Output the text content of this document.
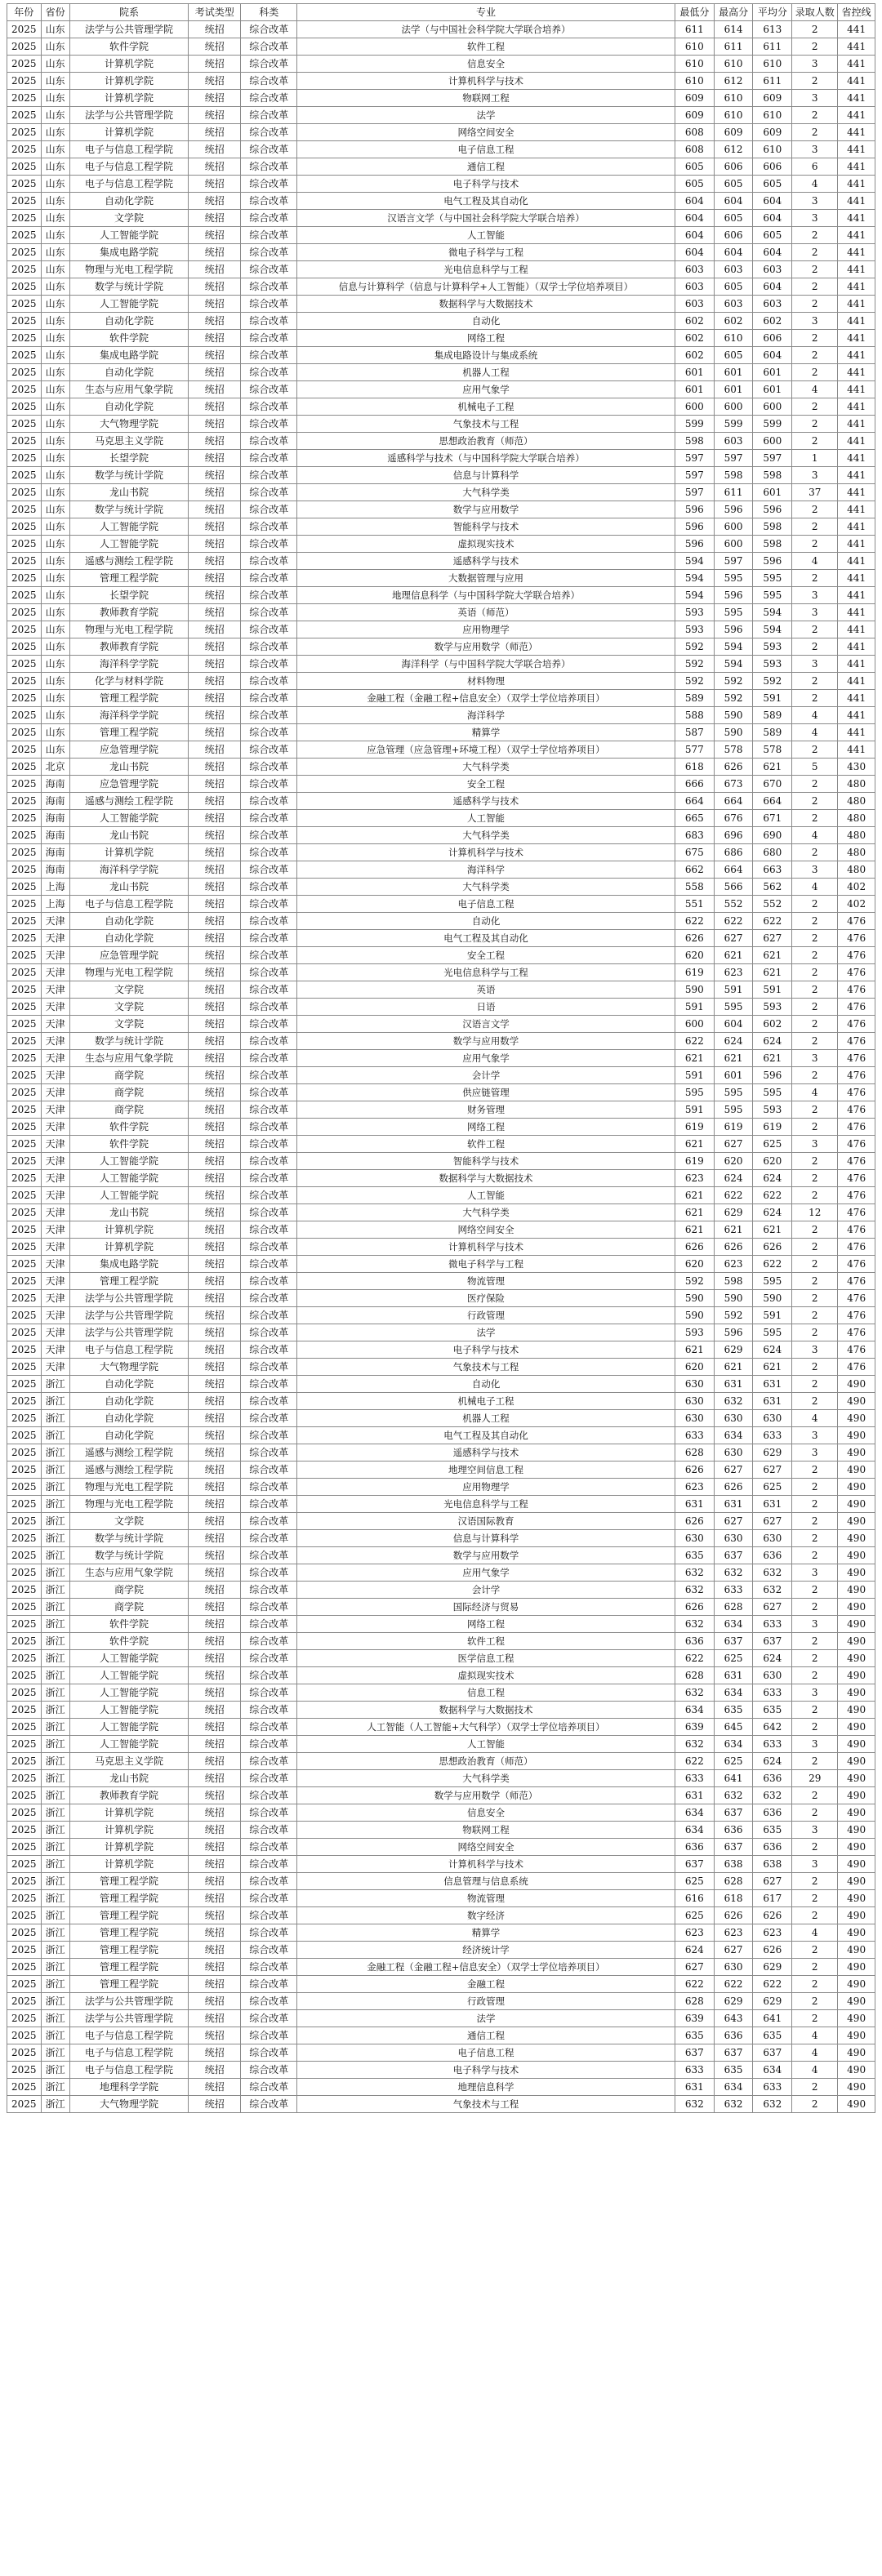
年份	省份	院系	考试类型	科类	专业	最低分	最高分	平均分	录取人数	省控线
2025	山东	法学与公共管理学院	统招	综合改革	法学（与中国社会科学院大学联合培养）	611	614	613	2	441
2025	山东	软件学院	统招	综合改革	软件工程	610	611	611	2	441
2025	山东	计算机学院	统招	综合改革	信息安全	610	610	610	3	441
2025	山东	计算机学院	统招	综合改革	计算机科学与技术	610	612	611	2	441
2025	山东	计算机学院	统招	综合改革	物联网工程	609	610	609	3	441
2025	山东	法学与公共管理学院	统招	综合改革	法学	609	610	610	2	441
2025	山东	计算机学院	统招	综合改革	网络空间安全	608	609	609	2	441
2025	山东	电子与信息工程学院	统招	综合改革	电子信息工程	608	612	610	3	441
2025	山东	电子与信息工程学院	统招	综合改革	通信工程	605	606	606	6	441
2025	山东	电子与信息工程学院	统招	综合改革	电子科学与技术	605	605	605	4	441
2025	山东	自动化学院	统招	综合改革	电气工程及其自动化	604	604	604	3	441
2025	山东	文学院	统招	综合改革	汉语言文学（与中国社会科学院大学联合培养）	604	605	604	3	441
2025	山东	人工智能学院	统招	综合改革	人工智能	604	606	605	2	441
2025	山东	集成电路学院	统招	综合改革	微电子科学与工程	604	604	604	2	441
2025	山东	物理与光电工程学院	统招	综合改革	光电信息科学与工程	603	603	603	2	441
2025	山东	数学与统计学院	统招	综合改革	信息与计算科学（信息与计算科学+人工智能）（双学士学位培养项目）	603	605	604	2	441
2025	山东	人工智能学院	统招	综合改革	数据科学与大数据技术	603	603	603	2	441
2025	山东	自动化学院	统招	综合改革	自动化	602	602	602	3	441
2025	山东	软件学院	统招	综合改革	网络工程	602	610	606	2	441
2025	山东	集成电路学院	统招	综合改革	集成电路设计与集成系统	602	605	604	2	441
2025	山东	自动化学院	统招	综合改革	机器人工程	601	601	601	2	441
2025	山东	生态与应用气象学院	统招	综合改革	应用气象学	601	601	601	4	441
2025	山东	自动化学院	统招	综合改革	机械电子工程	600	600	600	2	441
2025	山东	大气物理学院	统招	综合改革	气象技术与工程	599	599	599	2	441
2025	山东	马克思主义学院	统招	综合改革	思想政治教育（师范）	598	603	600	2	441
2025	山东	长望学院	统招	综合改革	遥感科学与技术（与中国科学院大学联合培养）	597	597	597	1	441
2025	山东	数学与统计学院	统招	综合改革	信息与计算科学	597	598	598	3	441
2025	山东	龙山书院	统招	综合改革	大气科学类	597	611	601	37	441
2025	山东	数学与统计学院	统招	综合改革	数学与应用数学	596	596	596	2	441
2025	山东	人工智能学院	统招	综合改革	智能科学与技术	596	600	598	2	441
2025	山东	人工智能学院	统招	综合改革	虚拟现实技术	596	600	598	2	441
2025	山东	遥感与测绘工程学院	统招	综合改革	遥感科学与技术	594	597	596	4	441
2025	山东	管理工程学院	统招	综合改革	大数据管理与应用	594	595	595	2	441
2025	山东	长望学院	统招	综合改革	地理信息科学（与中国科学院大学联合培养）	594	596	595	3	441
2025	山东	教师教育学院	统招	综合改革	英语（师范）	593	595	594	3	441
2025	山东	物理与光电工程学院	统招	综合改革	应用物理学	593	596	594	2	441
2025	山东	教师教育学院	统招	综合改革	数学与应用数学（师范）	592	594	593	2	441
2025	山东	海洋科学学院	统招	综合改革	海洋科学（与中国科学院大学联合培养）	592	594	593	3	441
2025	山东	化学与材料学院	统招	综合改革	材料物理	592	592	592	2	441
2025	山东	管理工程学院	统招	综合改革	金融工程（金融工程+信息安全）（双学士学位培养项目）	589	592	591	2	441
2025	山东	海洋科学学院	统招	综合改革	海洋科学	588	590	589	4	441
2025	山东	管理工程学院	统招	综合改革	精算学	587	590	589	4	441
2025	山东	应急管理学院	统招	综合改革	应急管理（应急管理+环境工程）（双学士学位培养项目）	577	578	578	2	441
2025	北京	龙山书院	统招	综合改革	大气科学类	618	626	621	5	430
2025	海南	应急管理学院	统招	综合改革	安全工程	666	673	670	2	480
2025	海南	遥感与测绘工程学院	统招	综合改革	遥感科学与技术	664	664	664	2	480
2025	海南	人工智能学院	统招	综合改革	人工智能	665	676	671	2	480
2025	海南	龙山书院	统招	综合改革	大气科学类	683	696	690	4	480
2025	海南	计算机学院	统招	综合改革	计算机科学与技术	675	686	680	2	480
2025	海南	海洋科学学院	统招	综合改革	海洋科学	662	664	663	3	480
2025	上海	龙山书院	统招	综合改革	大气科学类	558	566	562	4	402
2025	上海	电子与信息工程学院	统招	综合改革	电子信息工程	551	552	552	2	402
2025	天津	自动化学院	统招	综合改革	自动化	622	622	622	2	476
2025	天津	自动化学院	统招	综合改革	电气工程及其自动化	626	627	627	2	476
2025	天津	应急管理学院	统招	综合改革	安全工程	620	621	621	2	476
2025	天津	物理与光电工程学院	统招	综合改革	光电信息科学与工程	619	623	621	2	476
2025	天津	文学院	统招	综合改革	英语	590	591	591	2	476
2025	天津	文学院	统招	综合改革	日语	591	595	593	2	476
2025	天津	文学院	统招	综合改革	汉语言文学	600	604	602	2	476
2025	天津	数学与统计学院	统招	综合改革	数学与应用数学	622	624	624	2	476
2025	天津	生态与应用气象学院	统招	综合改革	应用气象学	621	621	621	3	476
2025	天津	商学院	统招	综合改革	会计学	591	601	596	2	476
2025	天津	商学院	统招	综合改革	供应链管理	595	595	595	4	476
2025	天津	商学院	统招	综合改革	财务管理	591	595	593	2	476
2025	天津	软件学院	统招	综合改革	网络工程	619	619	619	2	476
2025	天津	软件学院	统招	综合改革	软件工程	621	627	625	3	476
2025	天津	人工智能学院	统招	综合改革	智能科学与技术	619	620	620	2	476
2025	天津	人工智能学院	统招	综合改革	数据科学与大数据技术	623	624	624	2	476
2025	天津	人工智能学院	统招	综合改革	人工智能	621	622	622	2	476
2025	天津	龙山书院	统招	综合改革	大气科学类	621	629	624	12	476
2025	天津	计算机学院	统招	综合改革	网络空间安全	621	621	621	2	476
2025	天津	计算机学院	统招	综合改革	计算机科学与技术	626	626	626	2	476
2025	天津	集成电路学院	统招	综合改革	微电子科学与工程	620	623	622	2	476
2025	天津	管理工程学院	统招	综合改革	物流管理	592	598	595	2	476
2025	天津	法学与公共管理学院	统招	综合改革	医疗保险	590	590	590	2	476
2025	天津	法学与公共管理学院	统招	综合改革	行政管理	590	592	591	2	476
2025	天津	法学与公共管理学院	统招	综合改革	法学	593	596	595	2	476
2025	天津	电子与信息工程学院	统招	综合改革	电子科学与技术	621	629	624	3	476
2025	天津	大气物理学院	统招	综合改革	气象技术与工程	620	621	621	2	476
2025	浙江	自动化学院	统招	综合改革	自动化	630	631	631	2	490
2025	浙江	自动化学院	统招	综合改革	机械电子工程	630	632	631	2	490
2025	浙江	自动化学院	统招	综合改革	机器人工程	630	630	630	4	490
2025	浙江	自动化学院	统招	综合改革	电气工程及其自动化	633	634	633	3	490
2025	浙江	遥感与测绘工程学院	统招	综合改革	遥感科学与技术	628	630	629	3	490
2025	浙江	遥感与测绘工程学院	统招	综合改革	地理空间信息工程	626	627	627	2	490
2025	浙江	物理与光电工程学院	统招	综合改革	应用物理学	623	626	625	2	490
2025	浙江	物理与光电工程学院	统招	综合改革	光电信息科学与工程	631	631	631	2	490
2025	浙江	文学院	统招	综合改革	汉语国际教育	626	627	627	2	490
2025	浙江	数学与统计学院	统招	综合改革	信息与计算科学	630	630	630	2	490
2025	浙江	数学与统计学院	统招	综合改革	数学与应用数学	635	637	636	2	490
2025	浙江	生态与应用气象学院	统招	综合改革	应用气象学	632	632	632	3	490
2025	浙江	商学院	统招	综合改革	会计学	632	633	632	2	490
2025	浙江	商学院	统招	综合改革	国际经济与贸易	626	628	627	2	490
2025	浙江	软件学院	统招	综合改革	网络工程	632	634	633	3	490
2025	浙江	软件学院	统招	综合改革	软件工程	636	637	637	2	490
2025	浙江	人工智能学院	统招	综合改革	医学信息工程	622	625	624	2	490
2025	浙江	人工智能学院	统招	综合改革	虚拟现实技术	628	631	630	2	490
2025	浙江	人工智能学院	统招	综合改革	信息工程	632	634	633	3	490
2025	浙江	人工智能学院	统招	综合改革	数据科学与大数据技术	634	635	635	2	490
2025	浙江	人工智能学院	统招	综合改革	人工智能（人工智能+大气科学）（双学士学位培养项目）	639	645	642	2	490
2025	浙江	人工智能学院	统招	综合改革	人工智能	632	634	633	3	490
2025	浙江	马克思主义学院	统招	综合改革	思想政治教育（师范）	622	625	624	2	490
2025	浙江	龙山书院	统招	综合改革	大气科学类	633	641	636	29	490
2025	浙江	教师教育学院	统招	综合改革	数学与应用数学（师范）	631	632	632	2	490
2025	浙江	计算机学院	统招	综合改革	信息安全	634	637	636	2	490
2025	浙江	计算机学院	统招	综合改革	物联网工程	634	636	635	3	490
2025	浙江	计算机学院	统招	综合改革	网络空间安全	636	637	636	2	490
2025	浙江	计算机学院	统招	综合改革	计算机科学与技术	637	638	638	3	490
2025	浙江	管理工程学院	统招	综合改革	信息管理与信息系统	625	628	627	2	490
2025	浙江	管理工程学院	统招	综合改革	物流管理	616	618	617	2	490
2025	浙江	管理工程学院	统招	综合改革	数字经济	625	626	626	2	490
2025	浙江	管理工程学院	统招	综合改革	精算学	623	623	623	4	490
2025	浙江	管理工程学院	统招	综合改革	经济统计学	624	627	626	2	490
2025	浙江	管理工程学院	统招	综合改革	金融工程（金融工程+信息安全）（双学士学位培养项目）	627	630	629	2	490
2025	浙江	管理工程学院	统招	综合改革	金融工程	622	622	622	2	490
2025	浙江	法学与公共管理学院	统招	综合改革	行政管理	628	629	629	2	490
2025	浙江	法学与公共管理学院	统招	综合改革	法学	639	643	641	2	490
2025	浙江	电子与信息工程学院	统招	综合改革	通信工程	635	636	635	4	490
2025	浙江	电子与信息工程学院	统招	综合改革	电子信息工程	637	637	637	4	490
2025	浙江	电子与信息工程学院	统招	综合改革	电子科学与技术	633	635	634	4	490
2025	浙江	地理科学学院	统招	综合改革	地理信息科学	631	634	633	2	490
2025	浙江	大气物理学院	统招	综合改革	气象技术与工程	632	632	632	2	490
